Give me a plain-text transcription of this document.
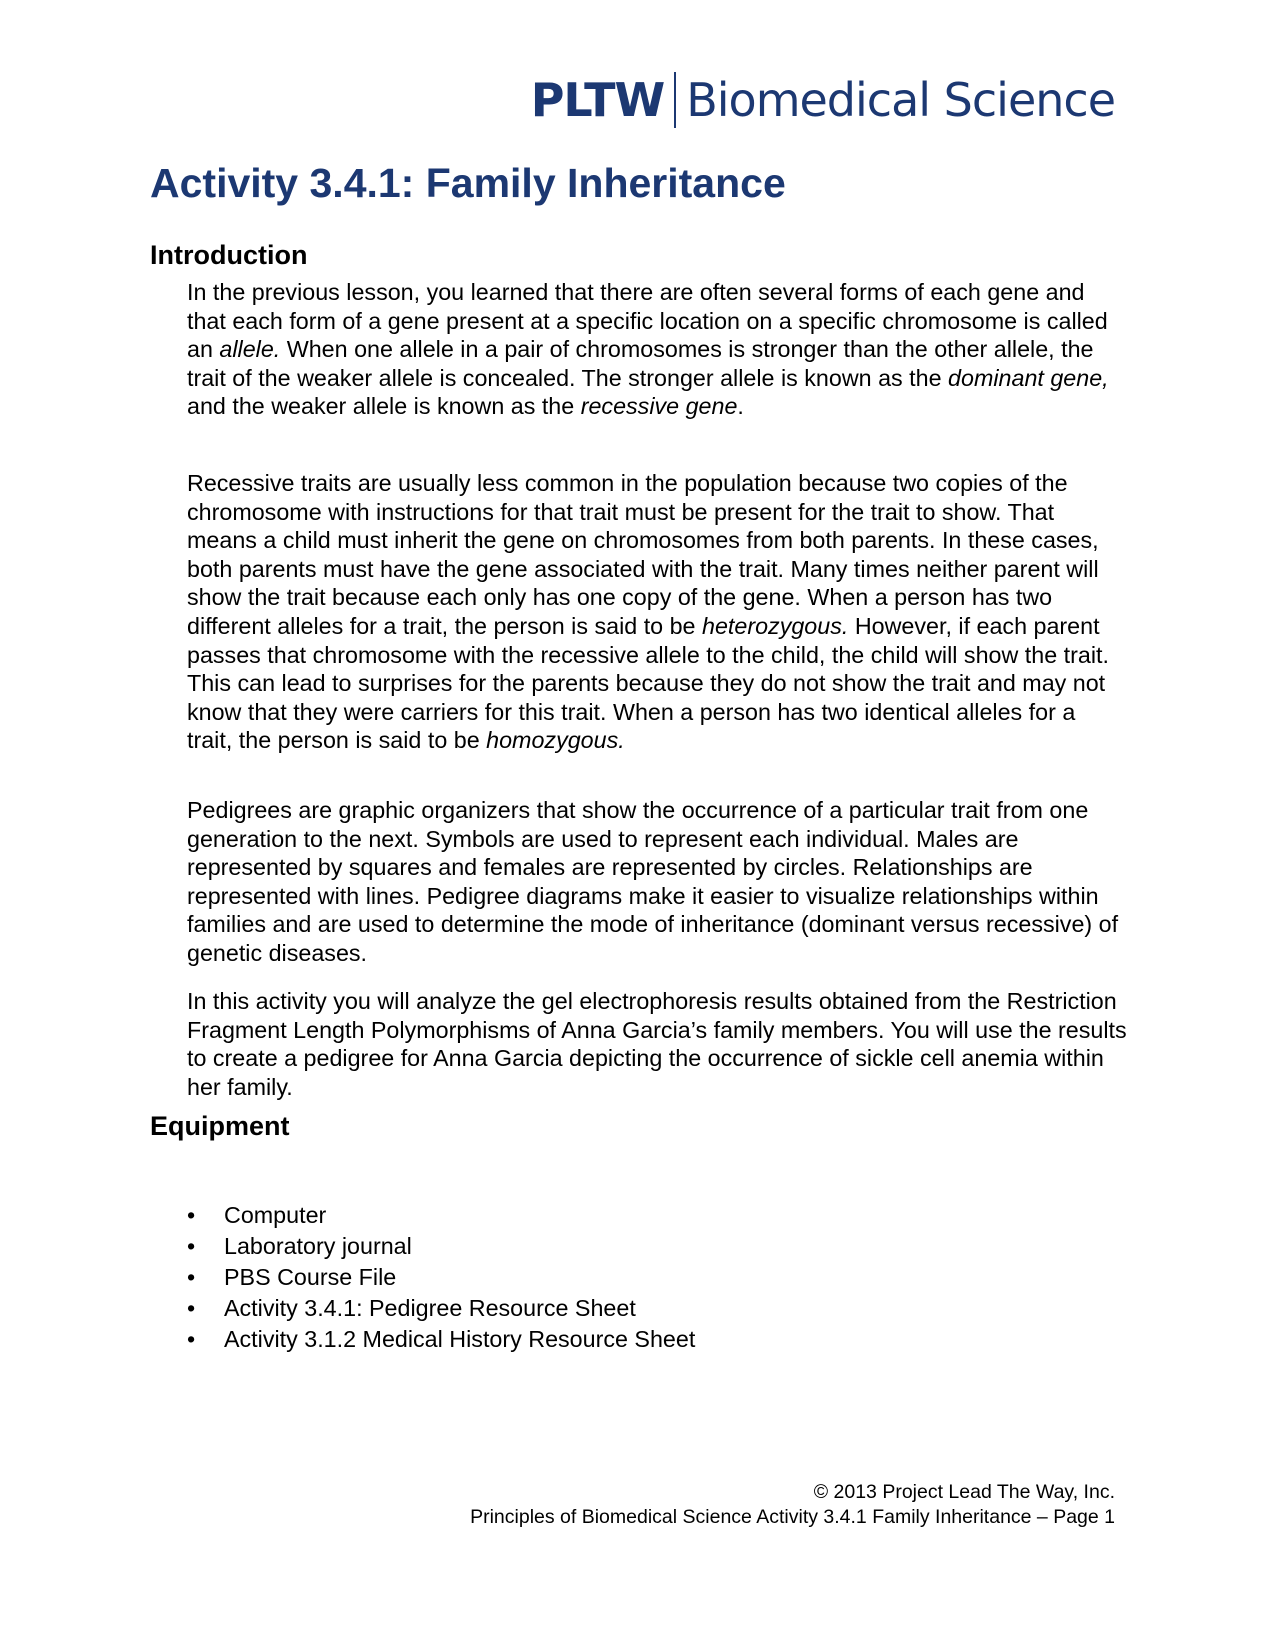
PLTW Biomedical Science
Activity 3.4.1: Family Inheritance
Introduction

In the previous lesson, you learned that there are often several forms of each gene and that each form of a gene present at a specific location on a specific chromosome is called an allele. When one allele in a pair of chromosomes is stronger than the other allele, the trait of the weaker allele is concealed. The stronger allele is known as the dominant gene, and the weaker allele is known as the recessive gene.

Recessive traits are usually less common in the population because two copies of the chromosome with instructions for that trait must be present for the trait to show. That means a child must inherit the gene on chromosomes from both parents. In these cases, both parents must have the gene associated with the trait. Many times neither parent will show the trait because each only has one copy of the gene. When a person has two different alleles for a trait, the person is said to be heterozygous. However, if each parent passes that chromosome with the recessive allele to the child, the child will show the trait. This can lead to surprises for the parents because they do not show the trait and may not know that they were carriers for this trait. When a person has two identical alleles for a trait, the person is said to be homozygous.

Pedigrees are graphic organizers that show the occurrence of a particular trait from one generation to the next. Symbols are used to represent each individual. Males are represented by squares and females are represented by circles. Relationships are represented with lines. Pedigree diagrams make it easier to visualize relationships within families and are used to determine the mode of inheritance (dominant versus recessive) of genetic diseases.

In this activity you will analyze the gel electrophoresis results obtained from the Restriction Fragment Length Polymorphisms of Anna Garcia’s family members. You will use the results to create a pedigree for Anna Garcia depicting the occurrence of sickle cell anemia within her family.

Equipment
• Computer
• Laboratory journal
• PBS Course File
• Activity 3.4.1: Pedigree Resource Sheet
• Activity 3.1.2 Medical History Resource Sheet
© 2013 Project Lead The Way, Inc.
Principles of Biomedical Science Activity 3.4.1 Family Inheritance – Page 1
